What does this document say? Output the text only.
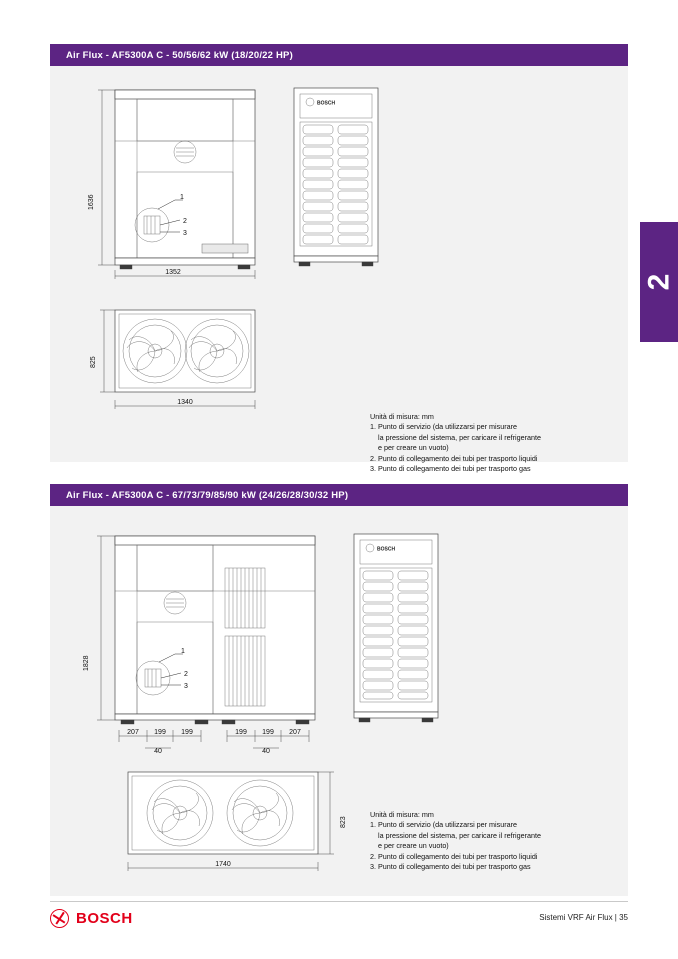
2
Air Flux - AF5300A C - 50/56/62 kW (18/20/22 HP)
1
2
3
1352
1636
BOSCH
1340
825
Unità di misura: mm
1. Punto di servizio (da utilizzarsi per misurare
la pressione del sistema, per caricare il refrigerante
e per creare un vuoto)
2. Punto di collegamento dei tubi per trasporto liquidi
3. Punto di collegamento dei tubi per trasporto gas
Air Flux - AF5300A C - 67/73/79/85/90 kW (24/26/28/30/32 HP)
1
2
3
207 199 199	199 199 207
40	40
1828
BOSCH
1740
823
Unità di misura: mm
1. Punto di servizio (da utilizzarsi per misurare
la pressione del sistema, per caricare il refrigerante
e per creare un vuoto)
2. Punto di collegamento dei tubi per trasporto liquidi
3. Punto di collegamento dei tubi per trasporto gas
BOSCH	Sistemi VRF Air Flux | 35
